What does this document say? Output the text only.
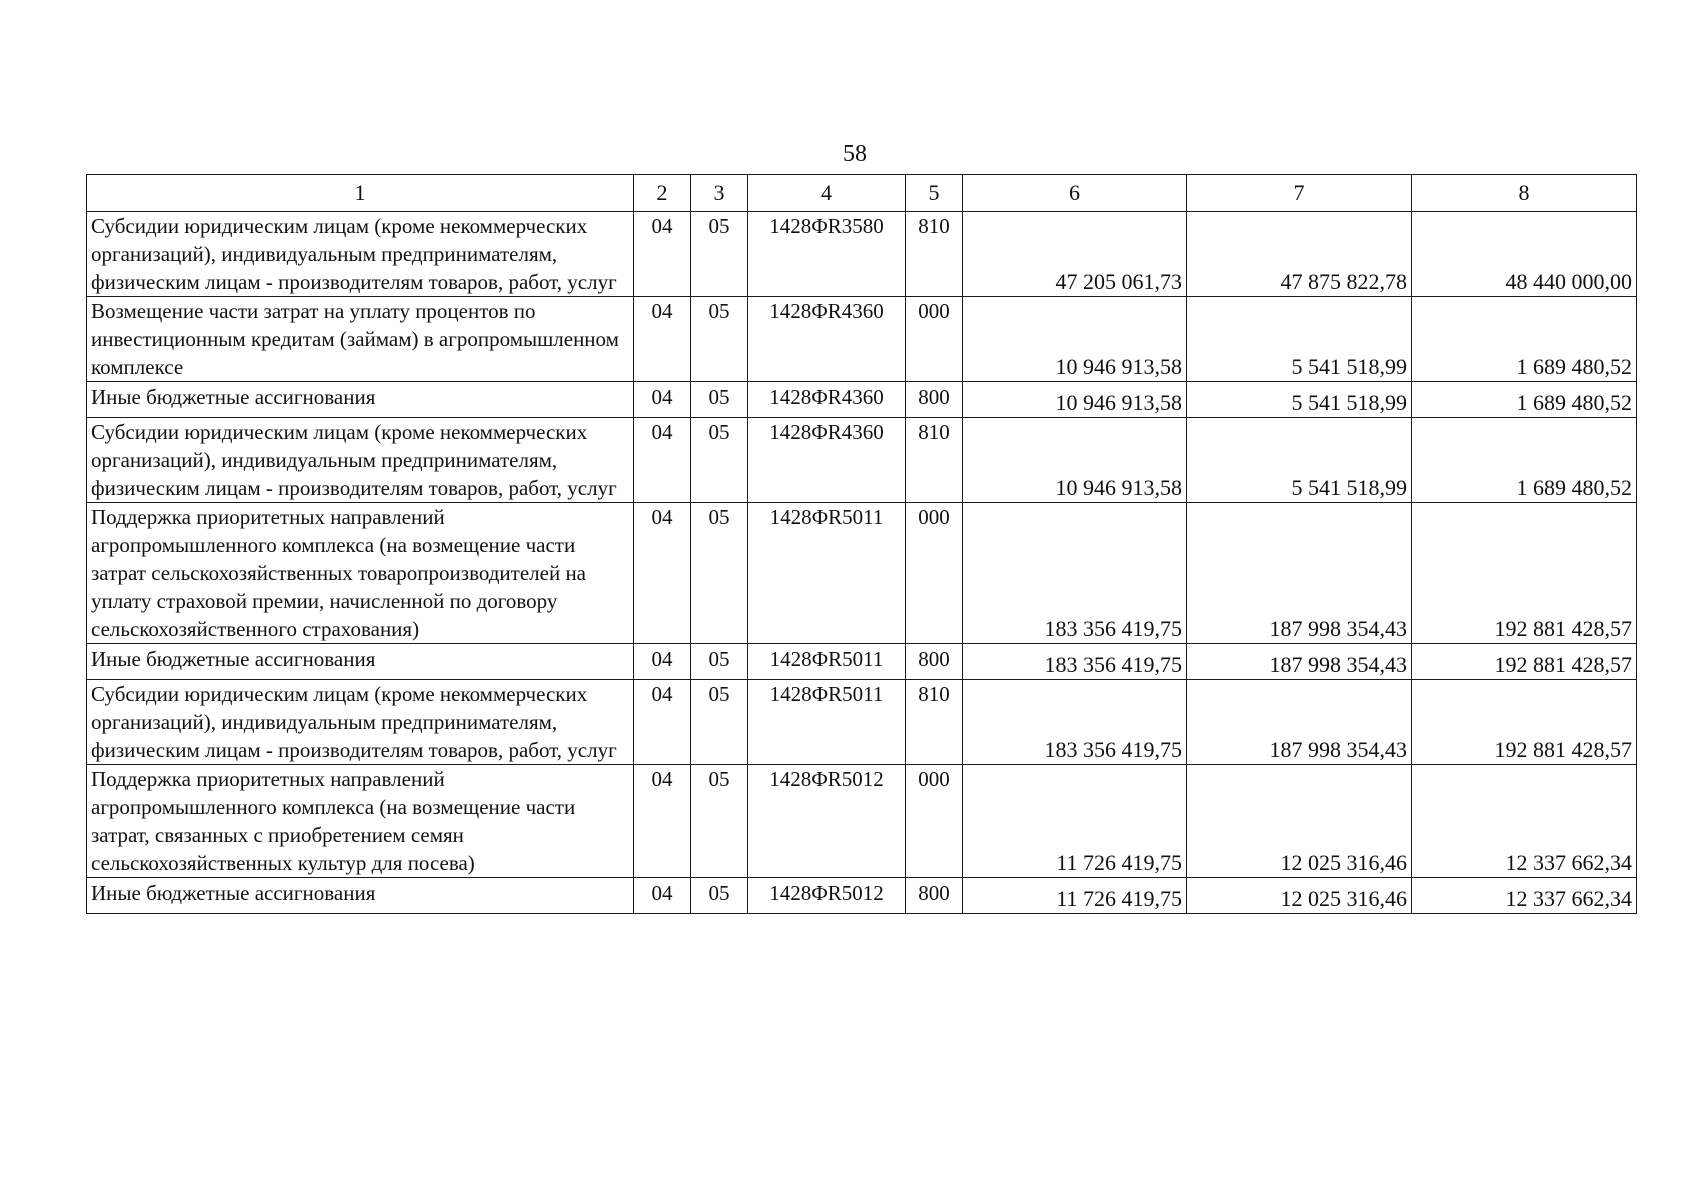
58
1	2	3	4	5	6	7	8
Субсидии юридическим лицам (кроме некоммерческих организаций), индивидуальным предпринимателям, физическим лицам - производителям товаров, работ, услуг	04	05	1428ФR3580	810	47 205 061,73	47 875 822,78	48 440 000,00
Возмещение части затрат на уплату процентов по инвестиционным кредитам (займам) в агропромышленном комплексе	04	05	1428ФR4360	000	10 946 913,58	5 541 518,99	1 689 480,52
Иные бюджетные ассигнования	04	05	1428ФR4360	800	10 946 913,58	5 541 518,99	1 689 480,52
Субсидии юридическим лицам (кроме некоммерческих организаций), индивидуальным предпринимателям, физическим лицам - производителям товаров, работ, услуг	04	05	1428ФR4360	810	10 946 913,58	5 541 518,99	1 689 480,52
Поддержка приоритетных направлений агропромышленного комплекса (на возмещение части затрат сельскохозяйственных товаропроизводителей на уплату страховой премии, начисленной по договору сельскохозяйственного страхования)	04	05	1428ФR5011	000	183 356 419,75	187 998 354,43	192 881 428,57
Иные бюджетные ассигнования	04	05	1428ФR5011	800	183 356 419,75	187 998 354,43	192 881 428,57
Субсидии юридическим лицам (кроме некоммерческих организаций), индивидуальным предпринимателям, физическим лицам - производителям товаров, работ, услуг	04	05	1428ФR5011	810	183 356 419,75	187 998 354,43	192 881 428,57
Поддержка приоритетных направлений агропромышленного комплекса (на возмещение части затрат, связанных с приобретением семян сельскохозяйственных культур для посева)	04	05	1428ФR5012	000	11 726 419,75	12 025 316,46	12 337 662,34
Иные бюджетные ассигнования	04	05	1428ФR5012	800	11 726 419,75	12 025 316,46	12 337 662,34
